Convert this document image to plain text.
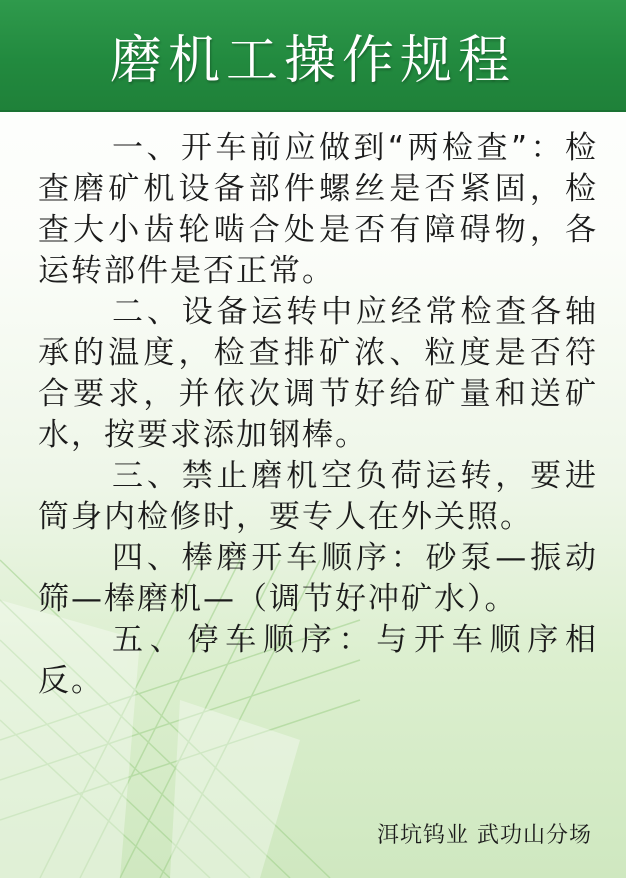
磨机工操作规程

一、开车前应做到“两检查”：检查磨矿机设备部件螺丝是否紧固，检查大小齿轮啮合处是否有障碍物，各运转部件是否正常。

二、设备运转中应经常检查各轴承的温度，检查排矿浓、粒度是否符合要求，并依次调节好给矿量和送矿水，按要求添加钢棒。

三、禁止磨机空负荷运转，要进筒身内检修时，要专人在外关照。

四、棒磨开车顺序：砂泵—振动筛—棒磨机—（调节好冲矿水）。

五、停车顺序：与开车顺序相反。

洱坑钨业 武功山分场
